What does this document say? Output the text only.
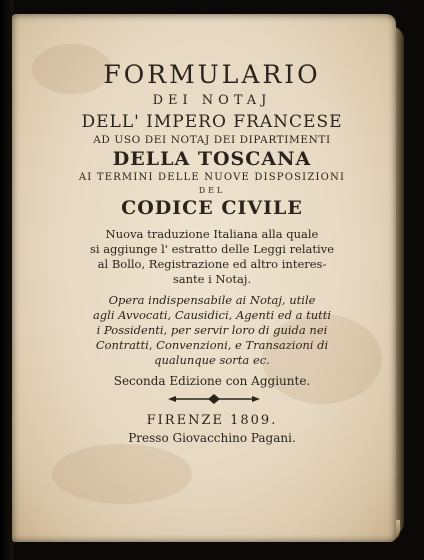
FORMULARIO
DEI NOTAJ
DELL' IMPERO FRANCESE
AD USO DEI NOTAJ DEI DIPARTIMENTI
DELLA TOSCANA
AI TERMINI DELLE NUOVE DISPOSIZIONI
DEL
CODICE CIVILE
Nuova traduzione Italiana alla quale
si aggiunge l' estratto delle Leggi relative
al Bollo, Registrazione ed altro interes-
sante i Notaj.
Opera indispensabile ai Notaj, utile
agli Avvocati, Causidici, Agenti ed a tutti
i Possidenti, per servir loro di guida nei
Contratti, Convenzioni, e Transazioni di
qualunque sorta ec.
Seconda Edizione con Aggiunte.
FIRENZE 1809.
Presso Giovacchino Pagani.
